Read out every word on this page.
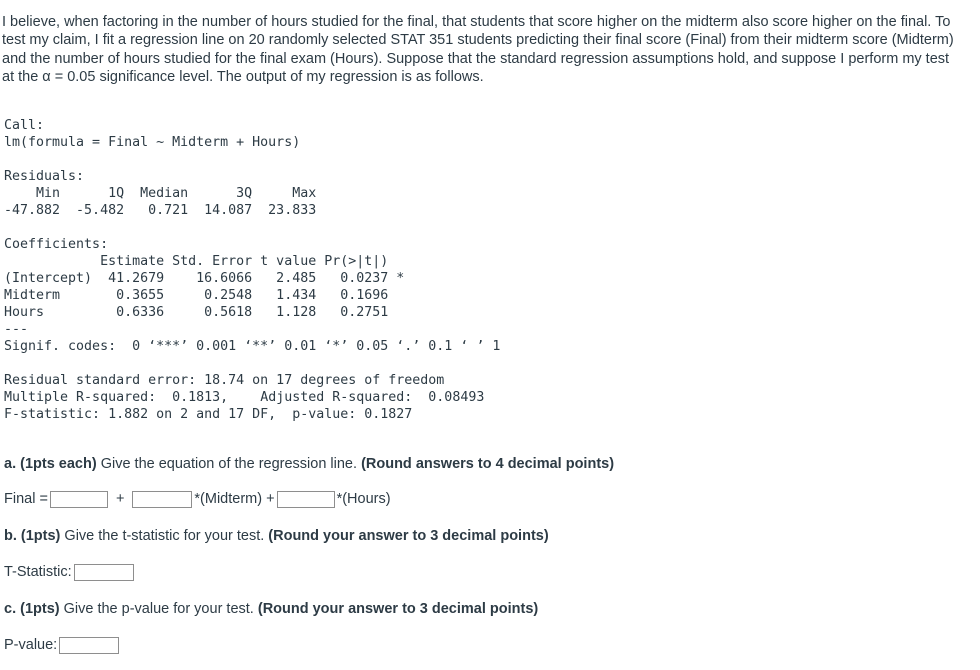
I believe, when factoring in the number of hours studied for the final, that students that score higher on the midterm also score higher on the final. To test my claim, I fit a regression line on 20 randomly selected STAT 351 students predicting their final score (Final) from their midterm score (Midterm) and the number of hours studied for the final exam (Hours). Suppose that the standard regression assumptions hold, and suppose I perform my test at the α = 0.05 significance level. The output of my regression is as follows.

Call:
lm(formula = Final ~ Midterm + Hours)
Residuals:
Min      1Q  Median      3Q     Max
-47.882  -5.482   0.721  14.087  23.833
Coefficients:
Estimate Std. Error t value Pr(>|t|)
(Intercept)  41.2679    16.6066   2.485   0.0237 *
Midterm       0.3655     0.2548   1.434   0.1696
Hours         0.6336     0.5618   1.128   0.2751
---
Signif. codes:  0 ‘***’ 0.001 ‘**’ 0.01 ‘*’ 0.05 ‘.’ 0.1 ‘ ’ 1
Residual standard error: 18.74 on 17 degrees of freedom
Multiple R-squared:  0.1813,	Adjusted R-squared:  0.08493
F-statistic: 1.882 on 2 and 17 DF,  p-value: 0.1827

a. (1pts each) Give the equation of the regression line. (Round answers to 4 decimal points)

Final =	+	*(Midterm) +	*(Hours)

b. (1pts) Give the t-statistic for your test. (Round your answer to 3 decimal points)

T-Statistic:

c. (1pts) Give the p-value for your test. (Round your answer to 3 decimal points)

P-value:
